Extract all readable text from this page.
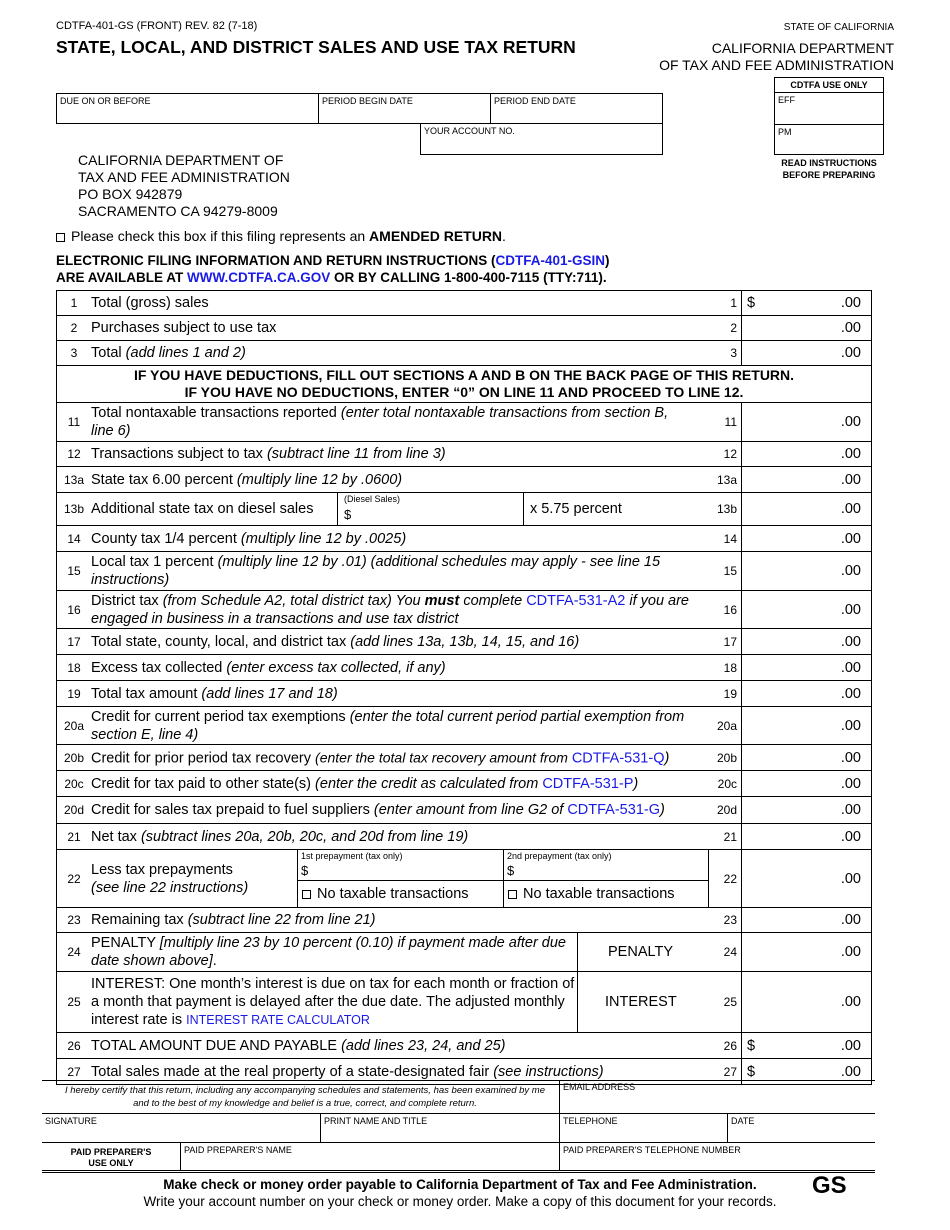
CDTFA-401-GS (FRONT) REV. 82 (7-18)
STATE, LOCAL, AND DISTRICT SALES AND USE TAX RETURN
STATE OF CALIFORNIA
CALIFORNIA DEPARTMENT
OF TAX AND FEE ADMINISTRATION
DUE ON OR BEFORE	PERIOD BEGIN DATE	PERIOD END DATE
YOUR ACCOUNT NO.
CDTFA USE ONLY
EFF
PM
READ INSTRUCTIONS
BEFORE PREPARING
CALIFORNIA DEPARTMENT OF
TAX AND FEE ADMINISTRATION
PO BOX 942879
SACRAMENTO CA 94279-8009
Please check this box if this filing represents an AMENDED RETURN.
ELECTRONIC FILING INFORMATION AND RETURN INSTRUCTIONS (CDTFA-401-GSIN)
ARE AVAILABLE AT WWW.CDTFA.CA.GOV OR BY CALLING 1-800-400-7115 (TTY:711).
1 Total (gross) sales	1 $	.00
2 Purchases subject to use tax	2	.00
3 Total (add lines 1 and 2)	3	.00
IF YOU HAVE DEDUCTIONS, FILL OUT SECTIONS A AND B ON THE BACK PAGE OF THIS RETURN.
IF YOU HAVE NO DEDUCTIONS, ENTER “0” ON LINE 11 AND PROCEED TO LINE 12.
11
Total nontaxable transactions reported (enter total nontaxable transactions from section B, line 6)
11	.00
12 Transactions subject to tax (subtract line 11 from line 3)	12	.00
13a State tax 6.00 percent (multiply line 12 by .0600)	13a	.00
13b Additional state tax on diesel sales
(Diesel Sales)
$	x 5.75 percent	13b	.00
14 County tax 1/4 percent (multiply line 12 by .0025)	14	.00
15
Local tax 1 percent (multiply line 12 by .01) (additional schedules may apply - see line 15 instructions)
15	.00
16
District tax (from Schedule A2, total district tax) You must complete CDTFA-531-A2 if you are engaged in business in a transactions and use tax district
16	.00
17 Total state, county, local, and district tax (add lines 13a, 13b, 14, 15, and 16)	17	.00
18 Excess tax collected (enter excess tax collected, if any)	18	.00
19 Total tax amount (add lines 17 and 18)	19	.00
20a
Credit for current period tax exemptions (enter the total current period partial exemption from section E, line 4)
20a	.00
20b Credit for prior period tax recovery (enter the total tax recovery amount from CDTFA-531-Q)	20b	.00
20c Credit for tax paid to other state(s) (enter the credit as calculated from CDTFA-531-P)	20c	.00
20d Credit for sales tax prepaid to fuel suppliers (enter amount from line G2 of CDTFA-531-G)	20d	.00
21 Net tax (subtract lines 20a, 20b, 20c, and 20d from line 19)	21	.00
22
Less tax prepayments
(see line 22 instructions)
1st prepayment (tax only)
$
2nd prepayment (tax only)
$
No taxable transactions	No taxable transactions
22	.00
23 Remaining tax (subtract line 22 from line 21)	23	.00
24
PENALTY [multiply line 23 by 10 percent (0.10) if payment made after due date shown above].
PENALTY	24	.00
25
INTEREST: One month’s interest is due on tax for each month or fraction of a month that payment is delayed after the due date. The adjusted monthly interest rate is INTEREST RATE CALCULATOR
INTEREST	25	.00
26 TOTAL AMOUNT DUE AND PAYABLE (add lines 23, 24, and 25)	26 $	.00
27 Total sales made at the real property of a state-designated fair (see instructions)	27 $	.00
I hereby certify that this return, including any accompanying schedules and statements, has been examined by me and to the best of my knowledge and belief is a true, correct, and complete return.
EMAIL ADDRESS
SIGNATURE	PRINT NAME AND TITLE	TELEPHONE	DATE
PAID PREPARER'S
USE ONLY
PAID PREPARER'S NAME	PAID PREPARER'S TELEPHONE NUMBER
Make check or money order payable to California Department of Tax and Fee Administration.
Write your account number on your check or money order. Make a copy of this document for your records.
GS
